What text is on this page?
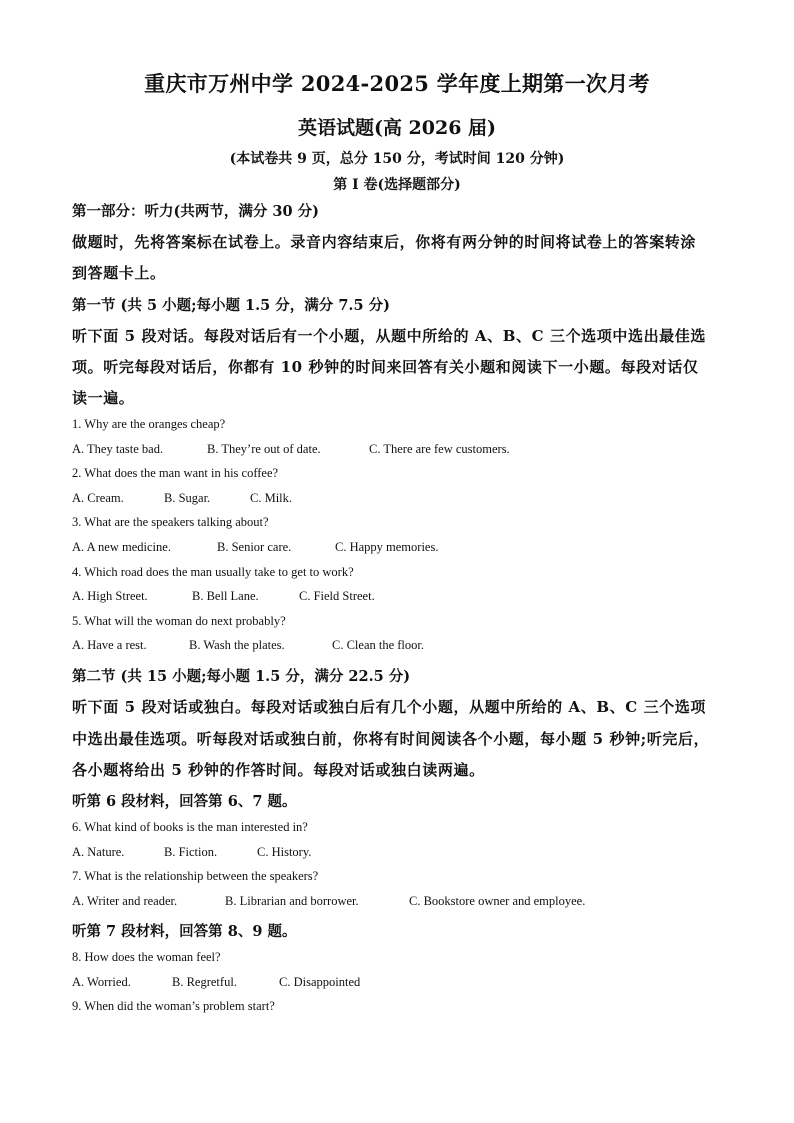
重庆市万州中学 2024-2025 学年度上期第一次月考
英语试题(高 2026 届)
(本试卷共 9 页，总分 150 分，考试时间 120 分钟)
第 I 卷(选择题部分)
第一部分：听力(共两节，满分 30 分)
做题时，先将答案标在试卷上。录音内容结束后，你将有两分钟的时间将试卷上的答案转涂
到答题卡上。
第一节 (共 5 小题;每小题 1.5 分，满分 7.5 分)
听下面 5 段对话。每段对话后有一个小题，从题中所给的 A、B、C 三个选项中选出最佳选
项。听完每段对话后，你都有 10 秒钟的时间来回答有关小题和阅读下一小题。每段对话仅
读一遍。
1. Why are the oranges cheap?
A. They taste bad.	B. They’re out of date.	C. There are few customers.
2. What does the man want in his coffee?
A. Cream.	B. Sugar.	C. Milk.
3. What are the speakers talking about?
A. A new medicine.	B. Senior care.	C. Happy memories.
4. Which road does the man usually take to get to work?
A. High Street.	B. Bell Lane.	C. Field Street.
5. What will the woman do next probably?
A. Have a rest.	B. Wash the plates.	C. Clean the floor.
第二节 (共 15 小题;每小题 1.5 分，满分 22.5 分)
听下面 5 段对话或独白。每段对话或独白后有几个小题，从题中所给的 A、B、C 三个选项
中选出最佳选项。听每段对话或独白前，你将有时间阅读各个小题，每小题 5 秒钟;听完后，
各小题将给出 5 秒钟的作答时间。每段对话或独白读两遍。
听第 6 段材料，回答第 6、7 题。
6. What kind of books is the man interested in?
A. Nature.	B. Fiction.	C. History.
7. What is the relationship between the speakers?
A. Writer and reader.	B. Librarian and borrower.	C. Bookstore owner and employee.
听第 7 段材料，回答第 8、9 题。
8. How does the woman feel?
A. Worried.	B. Regretful.	C. Disappointed
9. When did the woman’s problem start?
